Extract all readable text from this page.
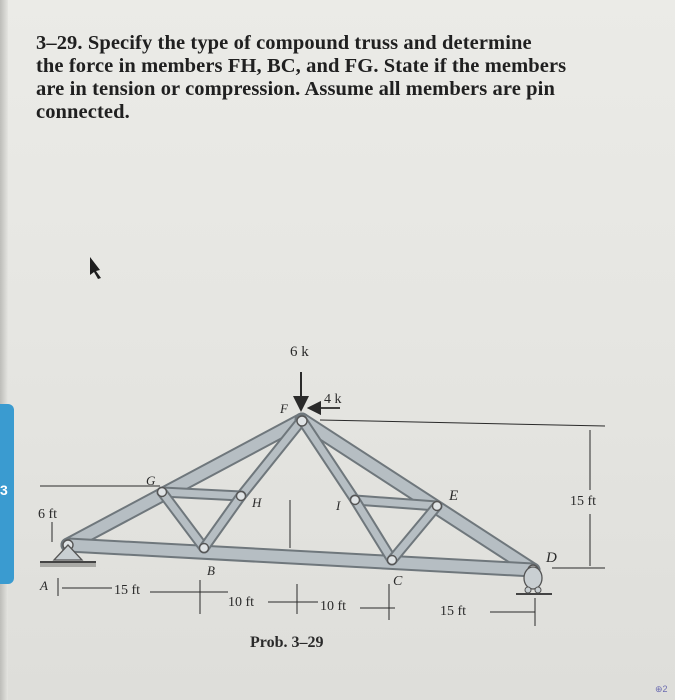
3–29. Specify the type of compound truss and determine
the force in members FH, BC, and FG. State if the members
are in tension or compression. Assume all members are pin
connected.
3
6 k
4 k
F
G
H	I
E
B
C
D
A
6 ft
15 ft
15 ft
10 ft	10 ft	15 ft
Prob. 3–29
⊕2
